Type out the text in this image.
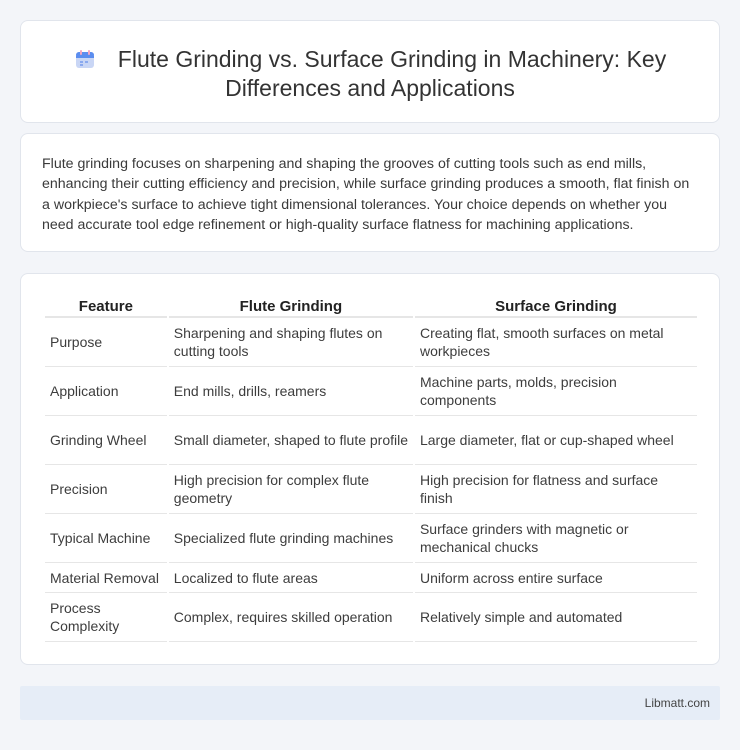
Flute Grinding vs. Surface Grinding in Machinery: Key Differences and Applications

Flute grinding focuses on sharpening and shaping the grooves of cutting tools such as end mills, enhancing their cutting efficiency and precision, while surface grinding produces a smooth, flat finish on a workpiece's surface to achieve tight dimensional tolerances. Your choice depends on whether you need accurate tool edge refinement or high-quality surface flatness for machining applications.

Feature	Flute Grinding	Surface Grinding
Purpose	Sharpening and shaping flutes on cutting tools	Creating flat, smooth surfaces on metal workpieces
Application	End mills, drills, reamers	Machine parts, molds, precision components
Grinding Wheel	Small diameter, shaped to flute profile	Large diameter, flat or cup-shaped wheel
Precision	High precision for complex flute geometry	High precision for flatness and surface finish
Typical Machine	Specialized flute grinding machines	Surface grinders with magnetic or mechanical chucks
Material Removal	Localized to flute areas	Uniform across entire surface
Process Complexity	Complex, requires skilled operation	Relatively simple and automated
Libmatt.com
